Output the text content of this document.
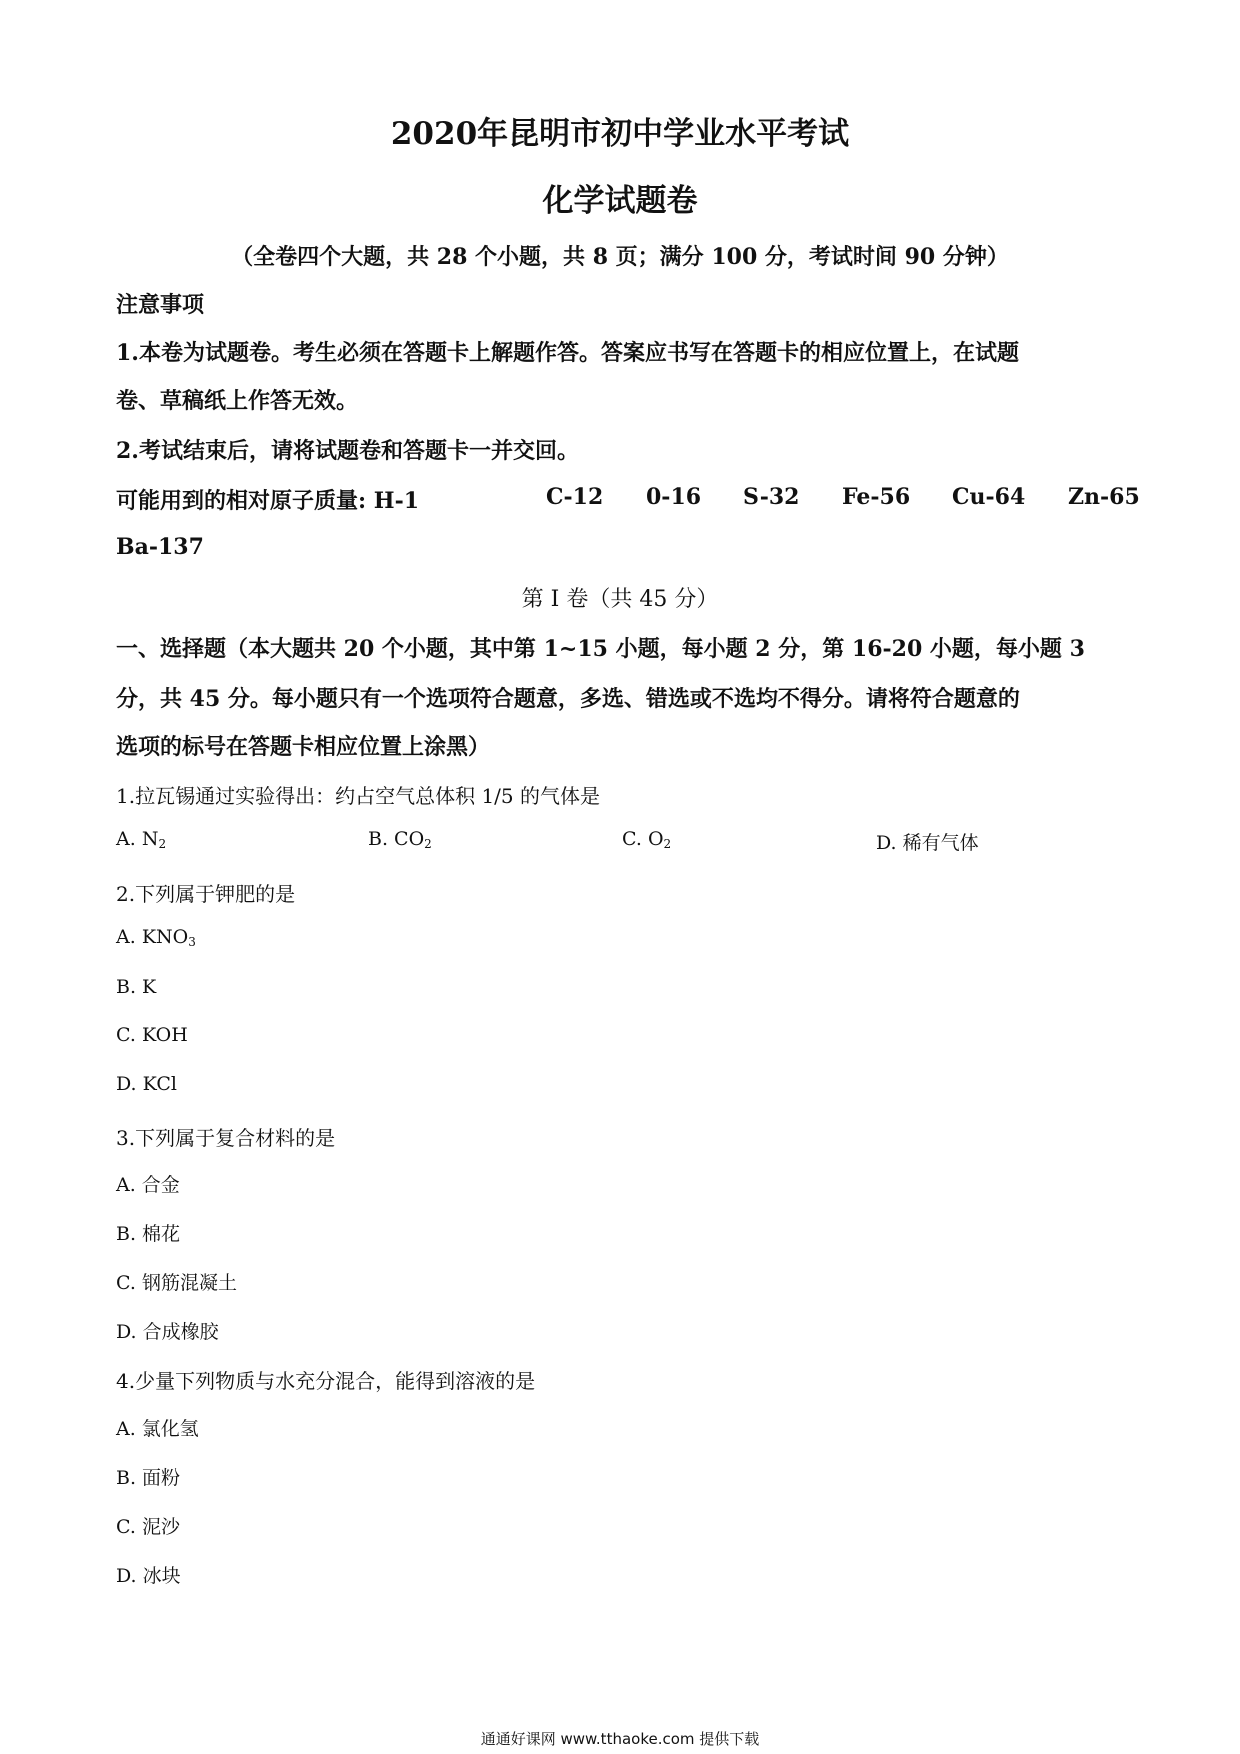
2020年昆明市初中学业水平考试
化学试题卷
（全卷四个大题，共 28 个小题，共 8 页；满分 100 分，考试时间 90 分钟）
注意事项
1.本卷为试题卷。考生必须在答题卡上解题作答。答案应书写在答题卡的相应位置上，在试题
卷、草稿纸上作答无效。
2.考试结束后，请将试题卷和答题卡一并交回。
可能用到的相对原子质量: H-1	C-12 0-16 S-32 Fe-56 Cu-64 Zn-65
Ba-137
第 I 卷（共 45 分）
一、选择题（本大题共 20 个小题，其中第 1~15 小题，每小题 2 分，第 16-20 小题，每小题 3
分，共 45 分。每小题只有一个选项符合题意，多选、错选或不选均不得分。请将符合题意的
选项的标号在答题卡相应位置上涂黑）
1.拉瓦锡通过实验得出：约占空气总体积 1/5 的气体是
A. $N_2$	B. $CO_2$	C. $O_2$	D. 稀有气体
2.下列属于钾肥的是
A. $KNO_3$
B. K
C. KOH
D. KCl
3.下列属于复合材料的是
A. 合金
B. 棉花
C. 钢筋混凝土
D. 合成橡胶
4.少量下列物质与水充分混合，能得到溶液的是
A. 氯化氢
B. 面粉
C. 泥沙
D. 冰块
通通好课网 www.tthaoke.com 提供下载
